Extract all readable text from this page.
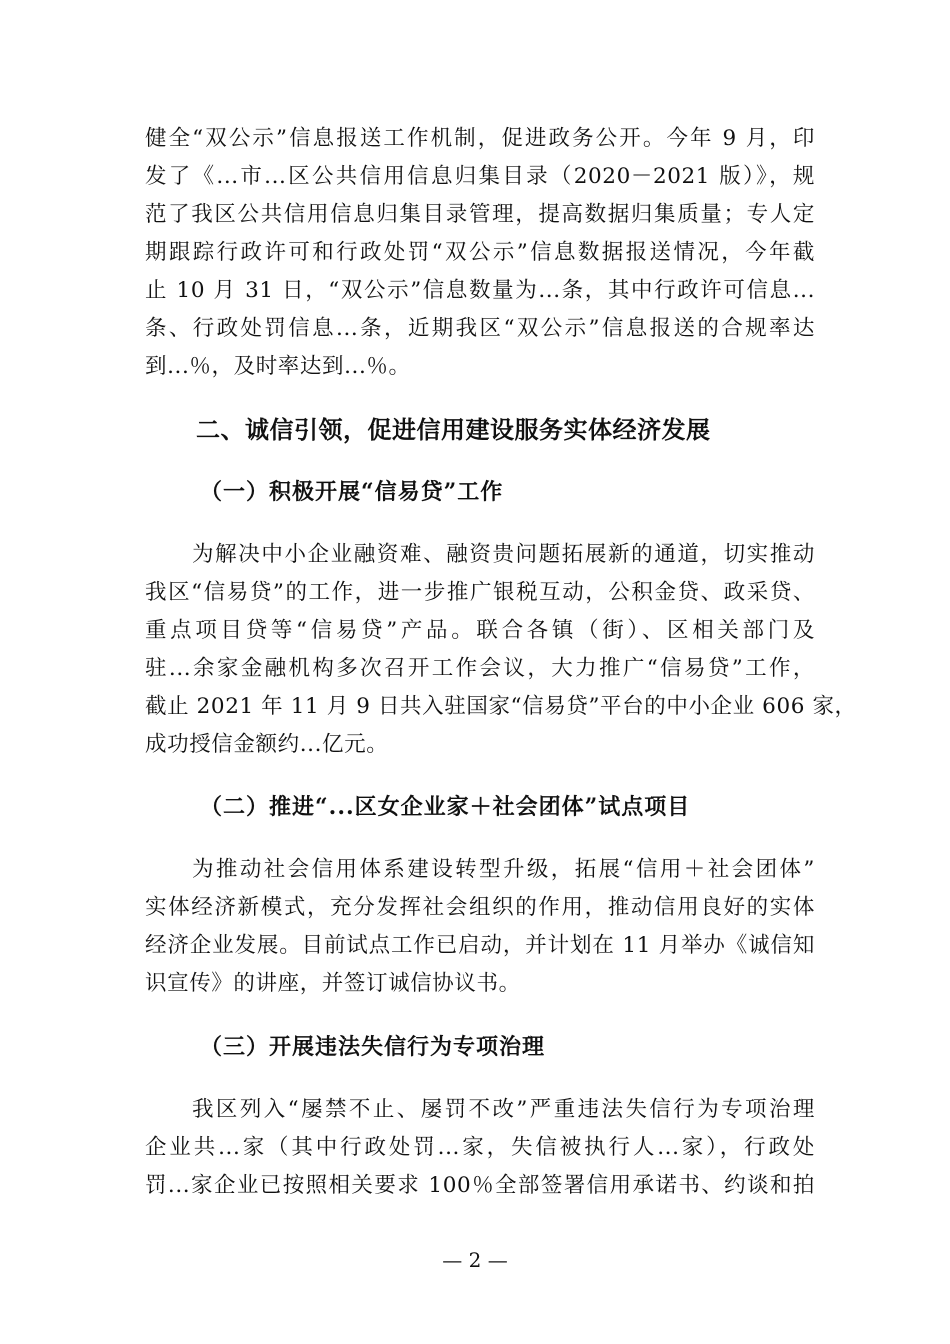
健全“双公示”信息报送工作机制，促进政务公开。今年 9 月，印
发了《...市...区公共信用信息归集目录（2020－2021 版）》，规
范了我区公共信用信息归集目录管理，提高数据归集质量；专人定
期跟踪行政许可和行政处罚“双公示”信息数据报送情况，今年截
止 10 月 31 日，“双公示”信息数量为...条，其中行政许可信息...
条、行政处罚信息...条，近期我区“双公示”信息报送的合规率达
到...％，及时率达到...％。
二、诚信引领，促进信用建设服务实体经济发展
（一）积极开展“信易贷”工作
为解决中小企业融资难、融资贵问题拓展新的通道，切实推动
我区“信易贷”的工作，进一步推广银税互动，公积金贷、政采贷、
重点项目贷等“信易贷”产品。联合各镇（街）、区相关部门及
驻...余家金融机构多次召开工作会议，大力推广“信易贷”工作，
截止 2021 年 11 月 9 日共入驻国家“信易贷”平台的中小企业 606 家，
成功授信金额约...亿元。
（二）推进“...区女企业家＋社会团体”试点项目
为推动社会信用体系建设转型升级，拓展“信用＋社会团体”
实体经济新模式，充分发挥社会组织的作用，推动信用良好的实体
经济企业发展。目前试点工作已启动，并计划在 11 月举办《诚信知
识宣传》的讲座，并签订诚信协议书。
（三）开展违法失信行为专项治理
我区列入“屡禁不止、屡罚不改”严重违法失信行为专项治理
企业共...家（其中行政处罚...家，失信被执行人...家），行政处
罚...家企业已按照相关要求 100％全部签署信用承诺书、约谈和拍
— 2 —
